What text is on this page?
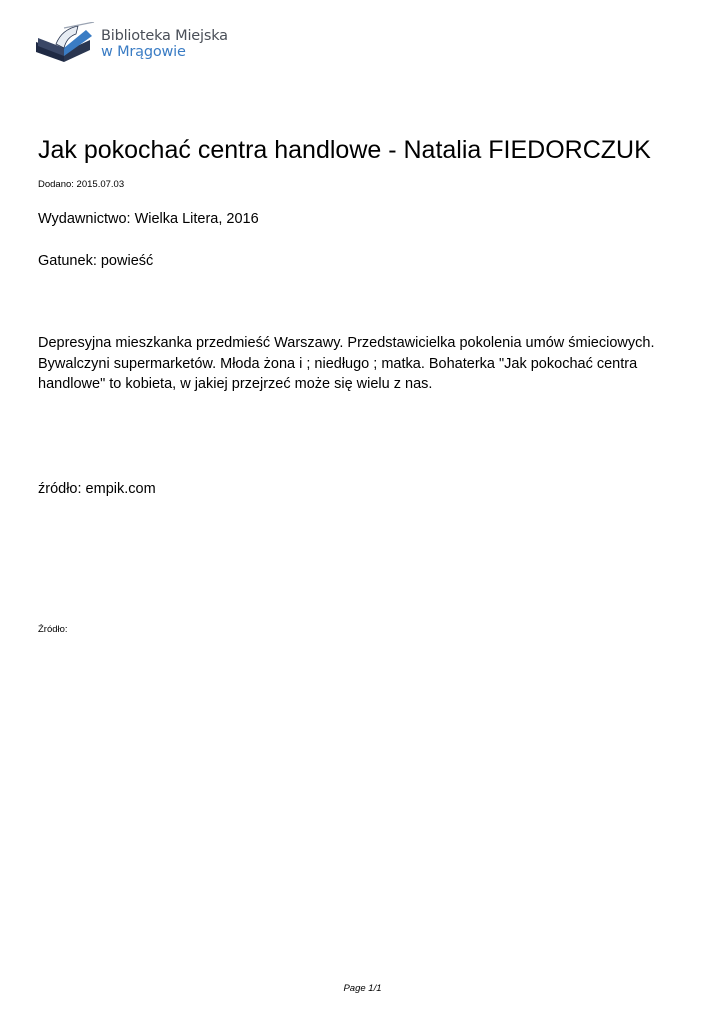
Biblioteka Miejska
w Mrągowie
Jak pokochać centra handlowe - Natalia FIEDORCZUK
Dodano: 2015.07.03
Wydawnictwo: Wielka Litera, 2016
Gatunek: powieść

Depresyjna mieszkanka przedmieść Warszawy. Przedstawicielka pokolenia umów śmieciowych. Bywalczyni supermarketów. Młoda żona i ; niedługo ; matka. Bohaterka "Jak pokochać centra handlowe" to kobieta, w jakiej przejrzeć może się wielu z nas.

źródło: empik.com
Źródło:
Page 1/1
